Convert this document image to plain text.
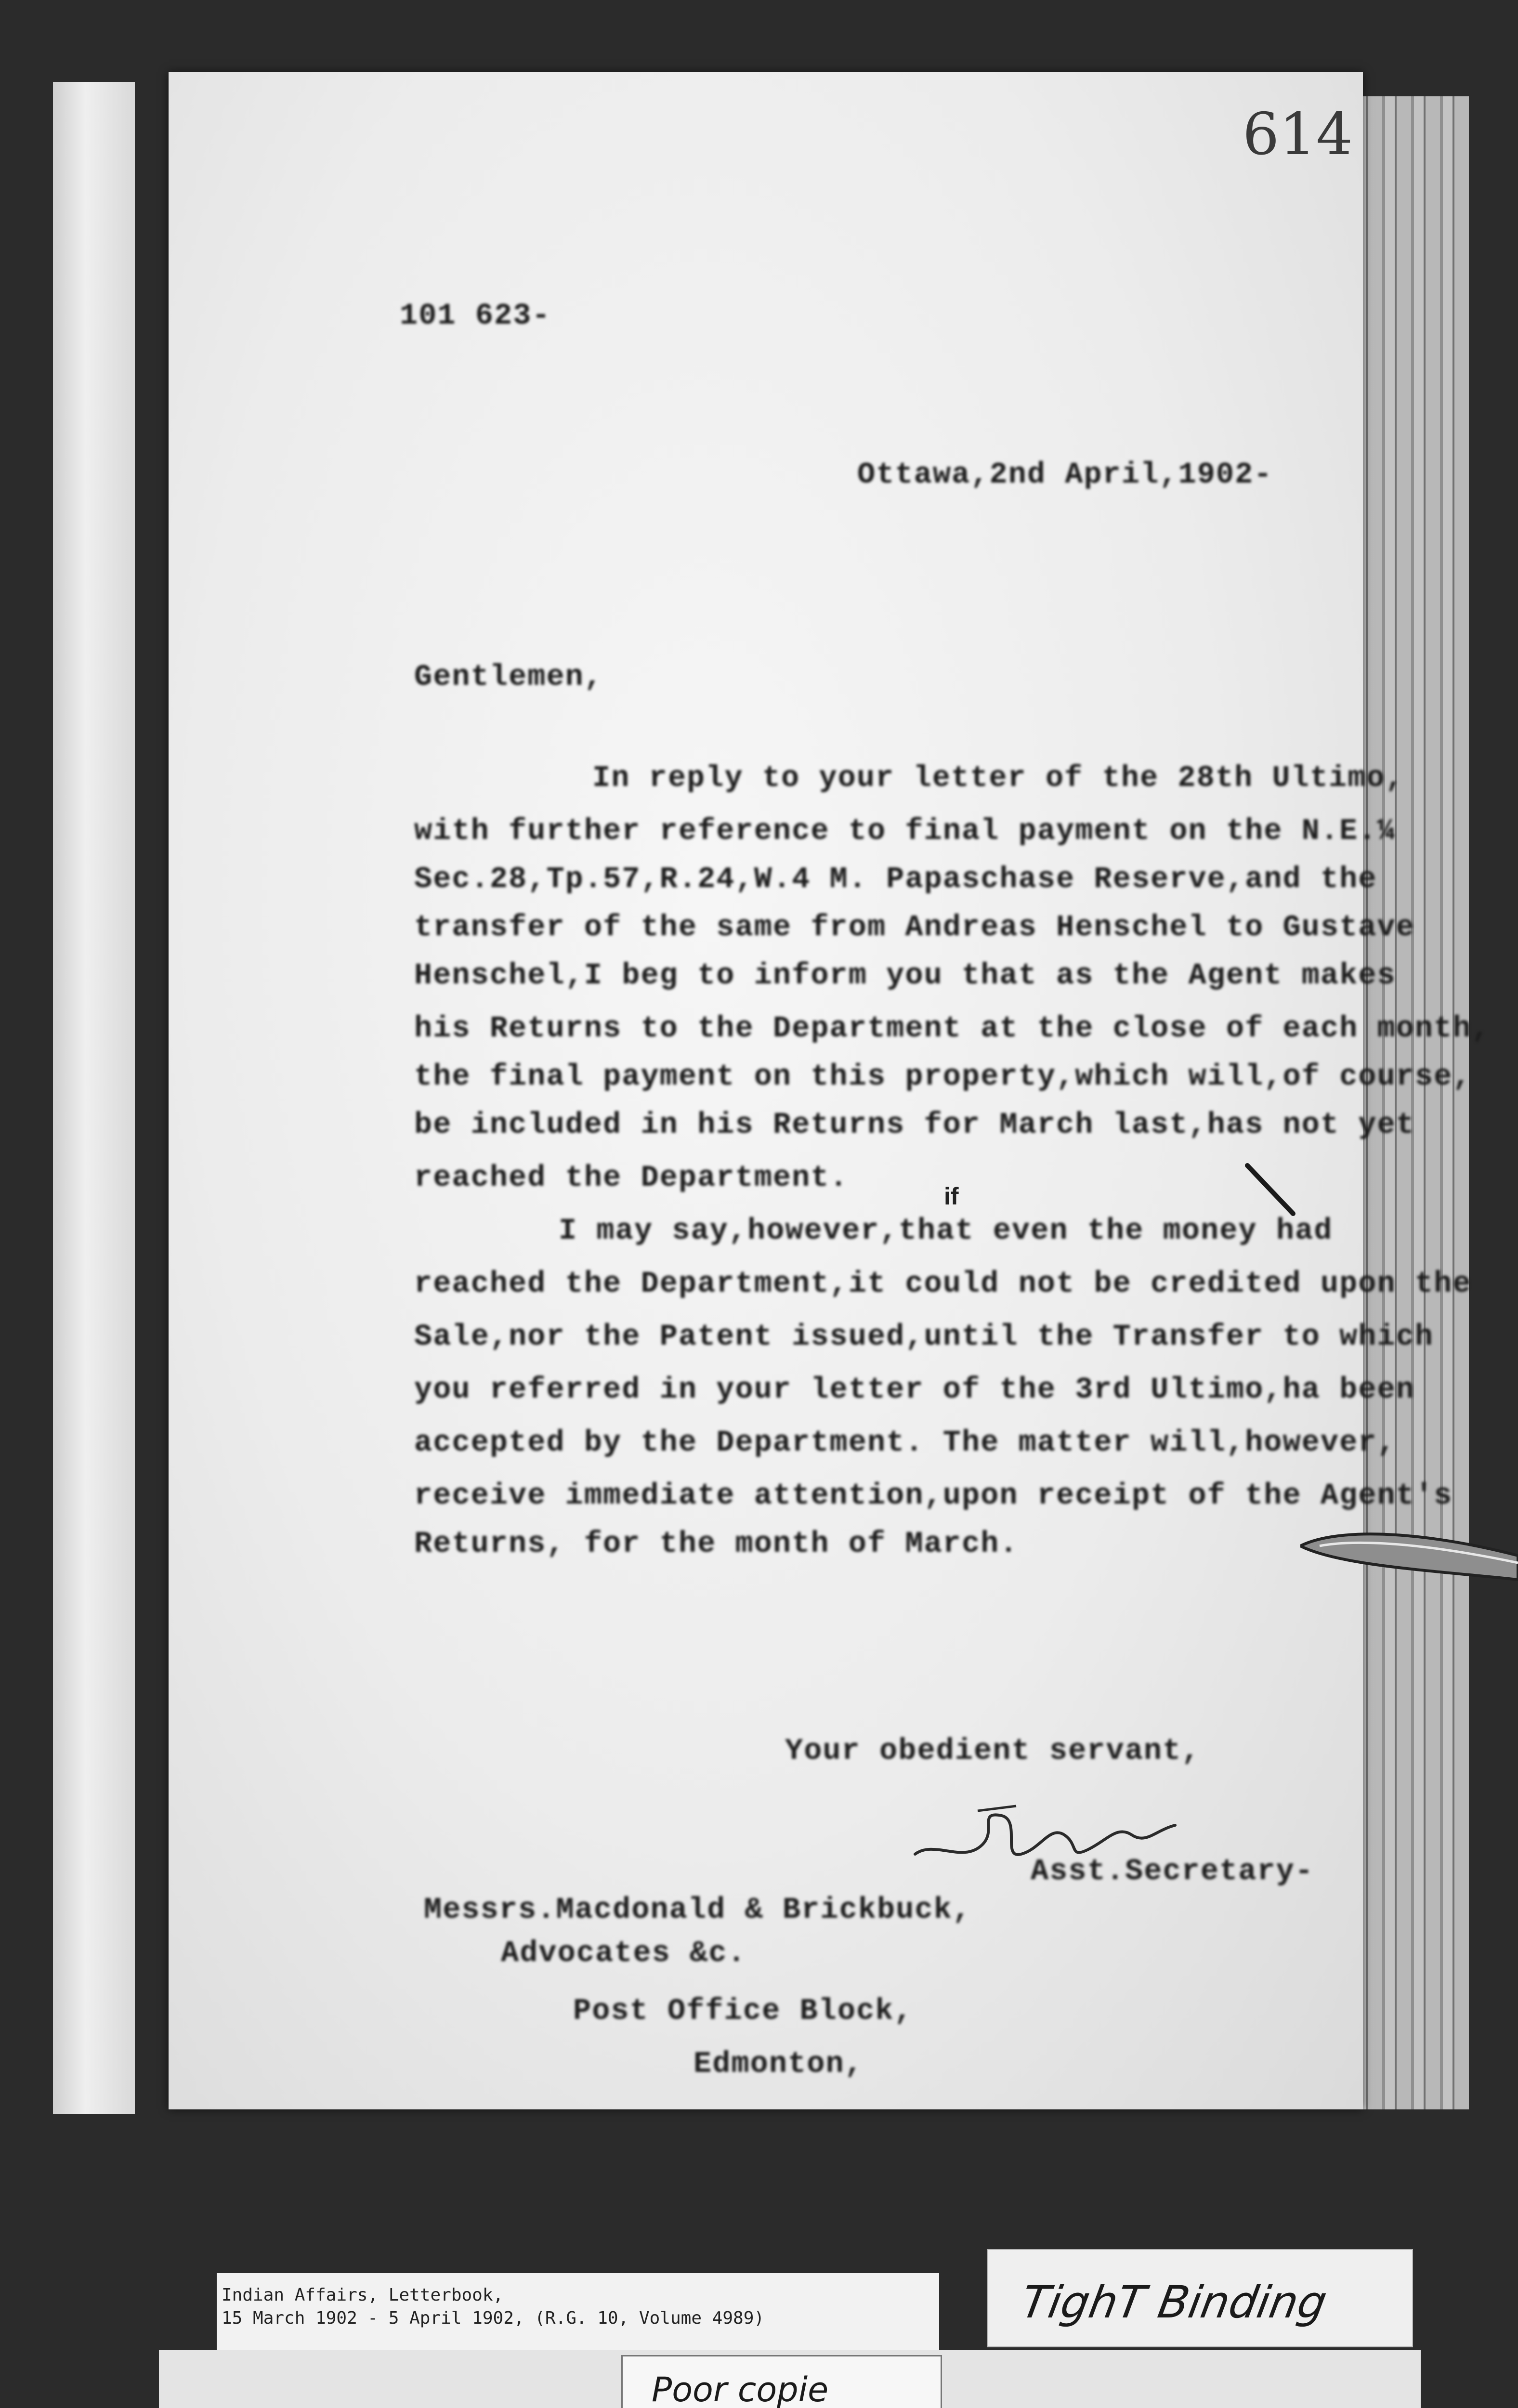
614
101 623-
Ottawa,2nd April,1902-
Gentlemen,
In reply to your letter of the 28th Ultimo,
with further reference to final payment on the N.E.¼
Sec.28,Tp.57,R.24,W.4 M. Papaschase Reserve,and the
transfer of the same from Andreas Henschel to Gustave
Henschel,I beg to inform you that as the Agent makes
his Returns to the Department at the close of each month,
the final payment on this property,which will,of course,
be included in his Returns for March last,has not yet
reached the Department.
if
I may say,however,that even the money had
reached the Department,it could not be credited upon the
Sale,nor the Patent issued,until the Transfer to which
you referred in your letter of the 3rd Ultimo,ha been
accepted by the Department. The matter will,however,
receive immediate attention,upon receipt of the Agent's
Returns, for the month of March.
Your obedient servant,
Asst.Secretary-
Messrs.Macdonald & Brickbuck,
Advocates &c.
Post Office Block,
Edmonton,
Indian Affairs, Letterbook,
15 March 1902 - 5 April 1902, (R.G. 10, Volume 4989)	TighT Binding
Poor copie
